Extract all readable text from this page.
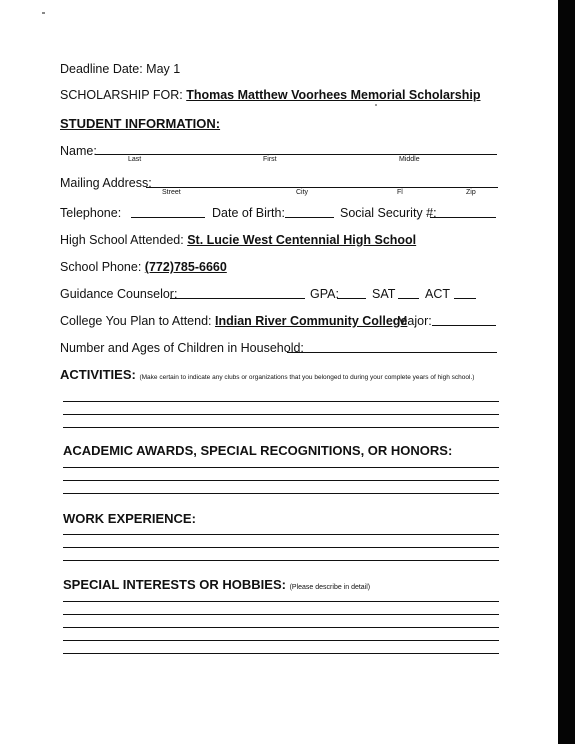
Deadline Date: May 1
SCHOLARSHIP FOR: Thomas Matthew Voorhees Memorial Scholarship
STUDENT INFORMATION:
Name:
Last	First	Middle
Mailing Address:
Street	City	Fl	Zip
Telephone:	Date of Birth:	Social Security #:
High School Attended: St. Lucie West Centennial High School
School Phone: (772)785-6660
Guidance Counselor:	GPA:	SAT ACT
College You Plan to Attend: Indian River Community College
Major:
Number and Ages of Children in Household:
ACTIVITIES: (Make certain to indicate any clubs or organizations that you belonged to during your complete years of high school.)
ACADEMIC AWARDS, SPECIAL RECOGNITIONS, OR HONORS:
WORK EXPERIENCE:
SPECIAL INTERESTS OR HOBBIES: (Please describe in detail)
